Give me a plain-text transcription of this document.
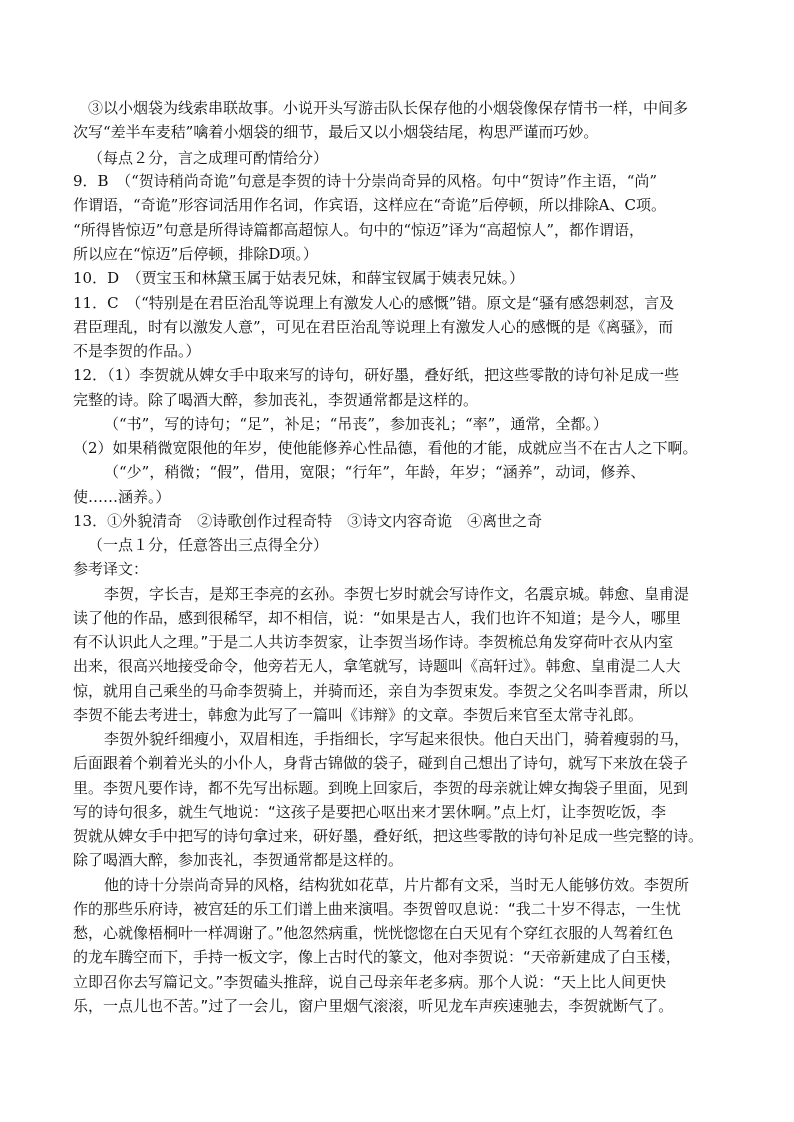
③以小烟袋为线索串联故事。小说开头写游击队长保存他的小烟袋像保存情书一样，中间多
次写“差半车麦秸”噙着小烟袋的细节，最后又以小烟袋结尾，构思严谨而巧妙。
（每点２分，言之成理可酌情给分）
9．B　（“贺诗稍尚奇诡”句意是李贺的诗十分崇尚奇异的风格。句中“贺诗”作主语，“尚”
作谓语，“奇诡”形容词活用作名词，作宾语，这样应在“奇诡”后停顿，所以排除A、C项。
“所得皆惊迈”句意是所得诗篇都高超惊人。句中的“惊迈”译为“高超惊人”，都作谓语，
所以应在“惊迈”后停顿，排除D项。）
10．D　（贾宝玉和林黛玉属于姑表兄妹，和薛宝钗属于姨表兄妹。）
11．C　（“特别是在君臣治乱等说理上有激发人心的感慨”错。原文是“骚有感怨刺怼，言及
君臣理乱，时有以激发人意”，可见在君臣治乱等说理上有激发人心的感慨的是《离骚》，而
不是李贺的作品。）
12．（1）李贺就从婢女手中取来写的诗句，研好墨，叠好纸，把这些零散的诗句补足成一些
完整的诗。除了喝酒大醉，参加丧礼，李贺通常都是这样的。
（“书”，写的诗句；“足”，补足；“吊丧”，参加丧礼；“率”，通常，全都。）
（2）如果稍微宽限他的年岁，使他能修养心性品德，看他的才能，成就应当不在古人之下啊。
（“少”，稍微；“假”，借用，宽限；“行年”，年龄，年岁；“涵养”，动词，修养、
使……涵养。）
13．①外貌清奇　②诗歌创作过程奇特　③诗文内容奇诡　④离世之奇
（一点１分，任意答出三点得全分）
参考译文：
李贺，字长吉，是郑王李亮的玄孙。李贺七岁时就会写诗作文，名震京城。韩愈、皇甫湜
读了他的作品，感到很稀罕，却不相信，说：“如果是古人，我们也许不知道；是今人，哪里
有不认识此人之理。”于是二人共访李贺家，让李贺当场作诗。李贺梳总角发穿荷叶衣从内室
出来，很高兴地接受命令，他旁若无人，拿笔就写，诗题叫《高轩过》。韩愈、皇甫湜二人大
惊，就用自己乘坐的马命李贺骑上，并骑而还，亲自为李贺束发。李贺之父名叫李晋肃，所以
李贺不能去考进士，韩愈为此写了一篇叫《讳辩》的文章。李贺后来官至太常寺礼郎。
李贺外貌纤细瘦小，双眉相连，手指细长，字写起来很快。他白天出门，骑着瘦弱的马，
后面跟着个剃着光头的小仆人，身背古锦做的袋子，碰到自己想出了诗句，就写下来放在袋子
里。李贺凡要作诗，都不先写出标题。到晚上回家后，李贺的母亲就让婢女掏袋子里面，见到
写的诗句很多，就生气地说：“这孩子是要把心呕出来才罢休啊。”点上灯，让李贺吃饭，李
贺就从婢女手中把写的诗句拿过来，研好墨，叠好纸，把这些零散的诗句补足成一些完整的诗。
除了喝酒大醉，参加丧礼，李贺通常都是这样的。
他的诗十分崇尚奇异的风格，结构犹如花草，片片都有文采，当时无人能够仿效。李贺所
作的那些乐府诗，被宫廷的乐工们谱上曲来演唱。李贺曾叹息说：“我二十岁不得志，一生忧
愁，心就像梧桐叶一样凋谢了。”他忽然病重，恍恍惚惚在白天见有个穿红衣服的人驾着红色
的龙车腾空而下，手持一板文字，像上古时代的篆文，他对李贺说：“天帝新建成了白玉楼，
立即召你去写篇记文。”李贺磕头推辞，说自己母亲年老多病。那个人说：“天上比人间更快
乐，一点儿也不苦。”过了一会儿，窗户里烟气滚滚，听见龙车声疾速驰去，李贺就断气了。
